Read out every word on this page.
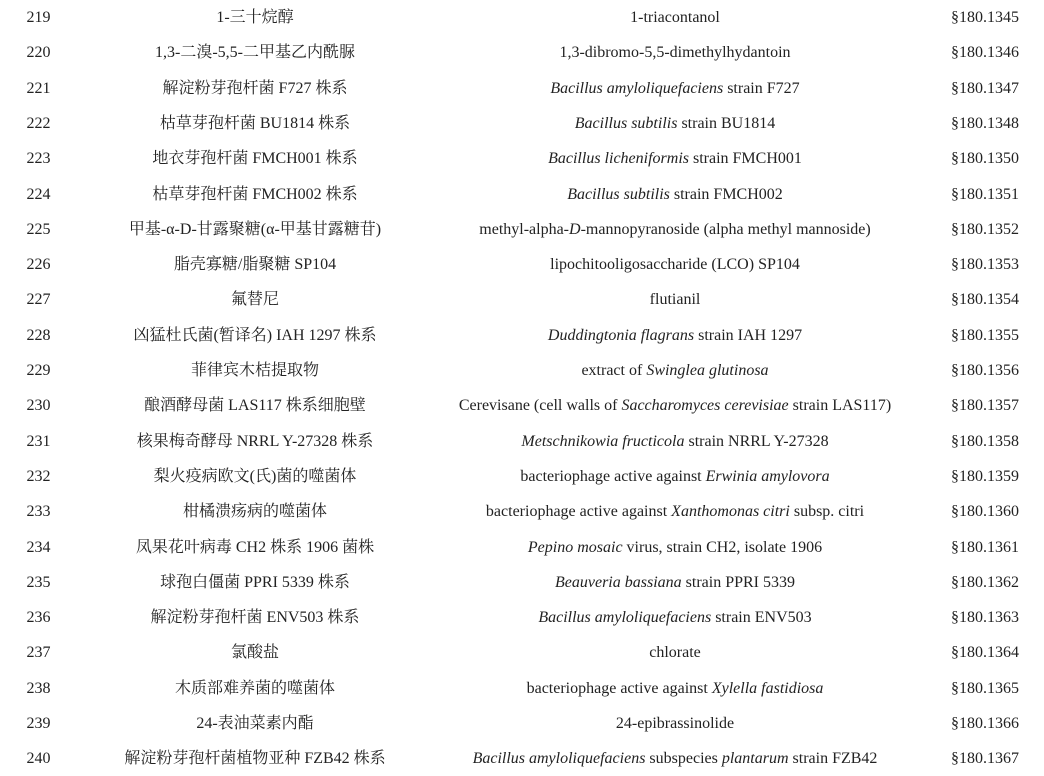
219	1-三十烷醇	1-triacontanol	§180.1345
220	1,3-二溴-5,5-二甲基乙内酰脲	1,3-dibromo-5,5-dimethylhydantoin	§180.1346
221	解淀粉芽孢杆菌 F727 株系	Bacillus amyloliquefaciens strain F727	§180.1347
222	枯草芽孢杆菌 BU1814 株系	Bacillus subtilis strain BU1814	§180.1348
223	地衣芽孢杆菌 FMCH001 株系	Bacillus licheniformis strain FMCH001	§180.1350
224	枯草芽孢杆菌 FMCH002 株系	Bacillus subtilis strain FMCH002	§180.1351
225	甲基-α-D-甘露聚糖(α-甲基甘露糖苷)	methyl-alpha-D-mannopyranoside (alpha methyl mannoside)	§180.1352
226	脂壳寡糖/脂聚糖 SP104	lipochitooligosaccharide (LCO) SP104	§180.1353
227	氟替尼	flutianil	§180.1354
228	凶猛杜氏菌(暂译名) IAH 1297 株系	Duddingtonia flagrans strain IAH 1297	§180.1355
229	菲律宾木桔提取物	extract of Swinglea glutinosa	§180.1356
230	酿酒酵母菌 LAS117 株系细胞壁	Cerevisane (cell walls of Saccharomyces cerevisiae strain LAS117)	§180.1357
231	核果梅奇酵母 NRRL Y-27328 株系	Metschnikowia fructicola strain NRRL Y-27328	§180.1358
232	梨火疫病欧文(氏)菌的噬菌体	bacteriophage active against Erwinia amylovora	§180.1359
233	柑橘溃疡病的噬菌体	bacteriophage active against Xanthomonas citri subsp. citri	§180.1360
234	凤果花叶病毒 CH2 株系 1906 菌株	Pepino mosaic virus, strain CH2, isolate 1906	§180.1361
235	球孢白僵菌 PPRI 5339 株系	Beauveria bassiana strain PPRI 5339	§180.1362
236	解淀粉芽孢杆菌 ENV503 株系	Bacillus amyloliquefaciens strain ENV503	§180.1363
237	氯酸盐	chlorate	§180.1364
238	木质部难养菌的噬菌体	bacteriophage active against Xylella fastidiosa	§180.1365
239	24-表油菜素内酯	24-epibrassinolide	§180.1366
240	解淀粉芽孢杆菌植物亚种 FZB42 株系	Bacillus amyloliquefaciens subspecies plantarum strain FZB42	§180.1367
